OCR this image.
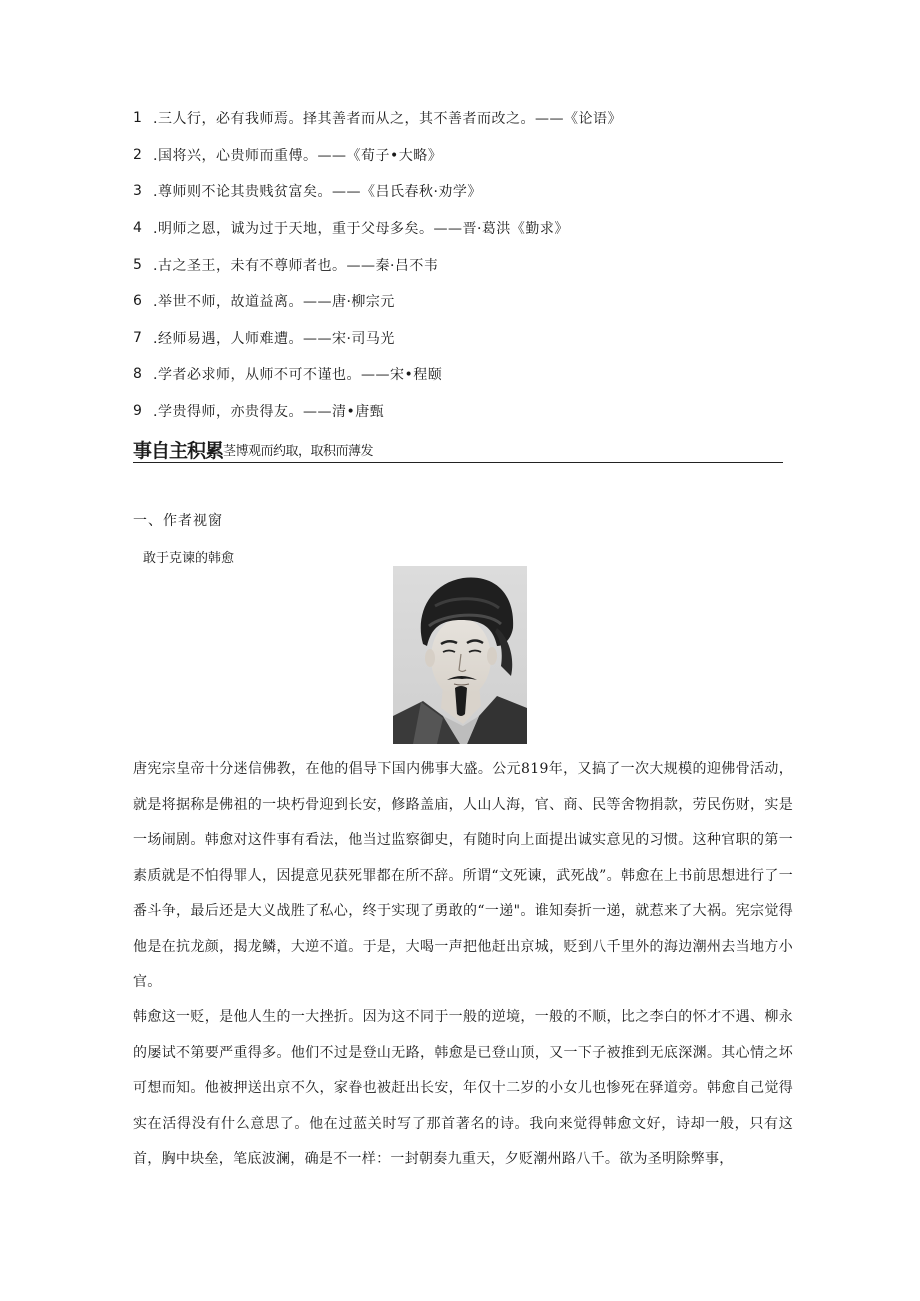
1 .三人行，必有我师焉。择其善者而从之，其不善者而改之。——《论语》
2 .国将兴，心贵师而重傅。——《荀子•大略》
3 .尊师则不论其贵贱贫富矣。——《吕氏春秋·劝学》
4 .明师之恩，诚为过于天地，重于父母多矣。——晋·葛洪《勤求》
5 .古之圣王，未有不尊师者也。——秦·吕不韦
6 .举世不师，故道益离。——唐·柳宗元
7 .经师易遇，人师难遭。——宋·司马光
8 .学者必求师，从师不可不谨也。——宋•程颐
9 .学贵得师，亦贵得友。——清•唐甄
事自主积累 茎博观而约取，取积而薄发
一、作者视窗
敢于克谏的韩愈

唐宪宗皇帝十分迷信佛教，在他的倡导下国内佛事大盛。公元819年，又搞了一次大规模的迎佛骨活动，就是将据称是佛祖的一块朽骨迎到长安，修路盖庙，人山人海，官、商、民等舍物捐款，劳民伤财，实是一场闹剧。韩愈对这件事有看法，他当过监察御史，有随时向上面提出诚实意见的习惯。这种官职的第一素质就是不怕得罪人，因提意见获死罪都在所不辞。所谓“文死谏，武死战”。韩愈在上书前思想进行了一番斗争，最后还是大义战胜了私心，终于实现了勇敢的“一递"。谁知奏折一递，就惹来了大祸。宪宗觉得他是在抗龙颜，揭龙鳞，大逆不道。于是，大喝一声把他赶出京城，贬到八千里外的海边潮州去当地方小官。

韩愈这一贬，是他人生的一大挫折。因为这不同于一般的逆境，一般的不顺，比之李白的怀才不遇、柳永的屡试不第要严重得多。他们不过是登山无路，韩愈是已登山顶，又一下子被推到无底深渊。其心情之坏可想而知。他被押送出京不久，家眷也被赶出长安，年仅十二岁的小女儿也惨死在驿道旁。韩愈自己觉得实在活得没有什么意思了。他在过蓝关时写了那首著名的诗。我向来觉得韩愈文好，诗却一般，只有这首，胸中块垒，笔底波澜，确是不一样：一封朝奏九重天，夕贬潮州路八千。欲为圣明除弊事，
